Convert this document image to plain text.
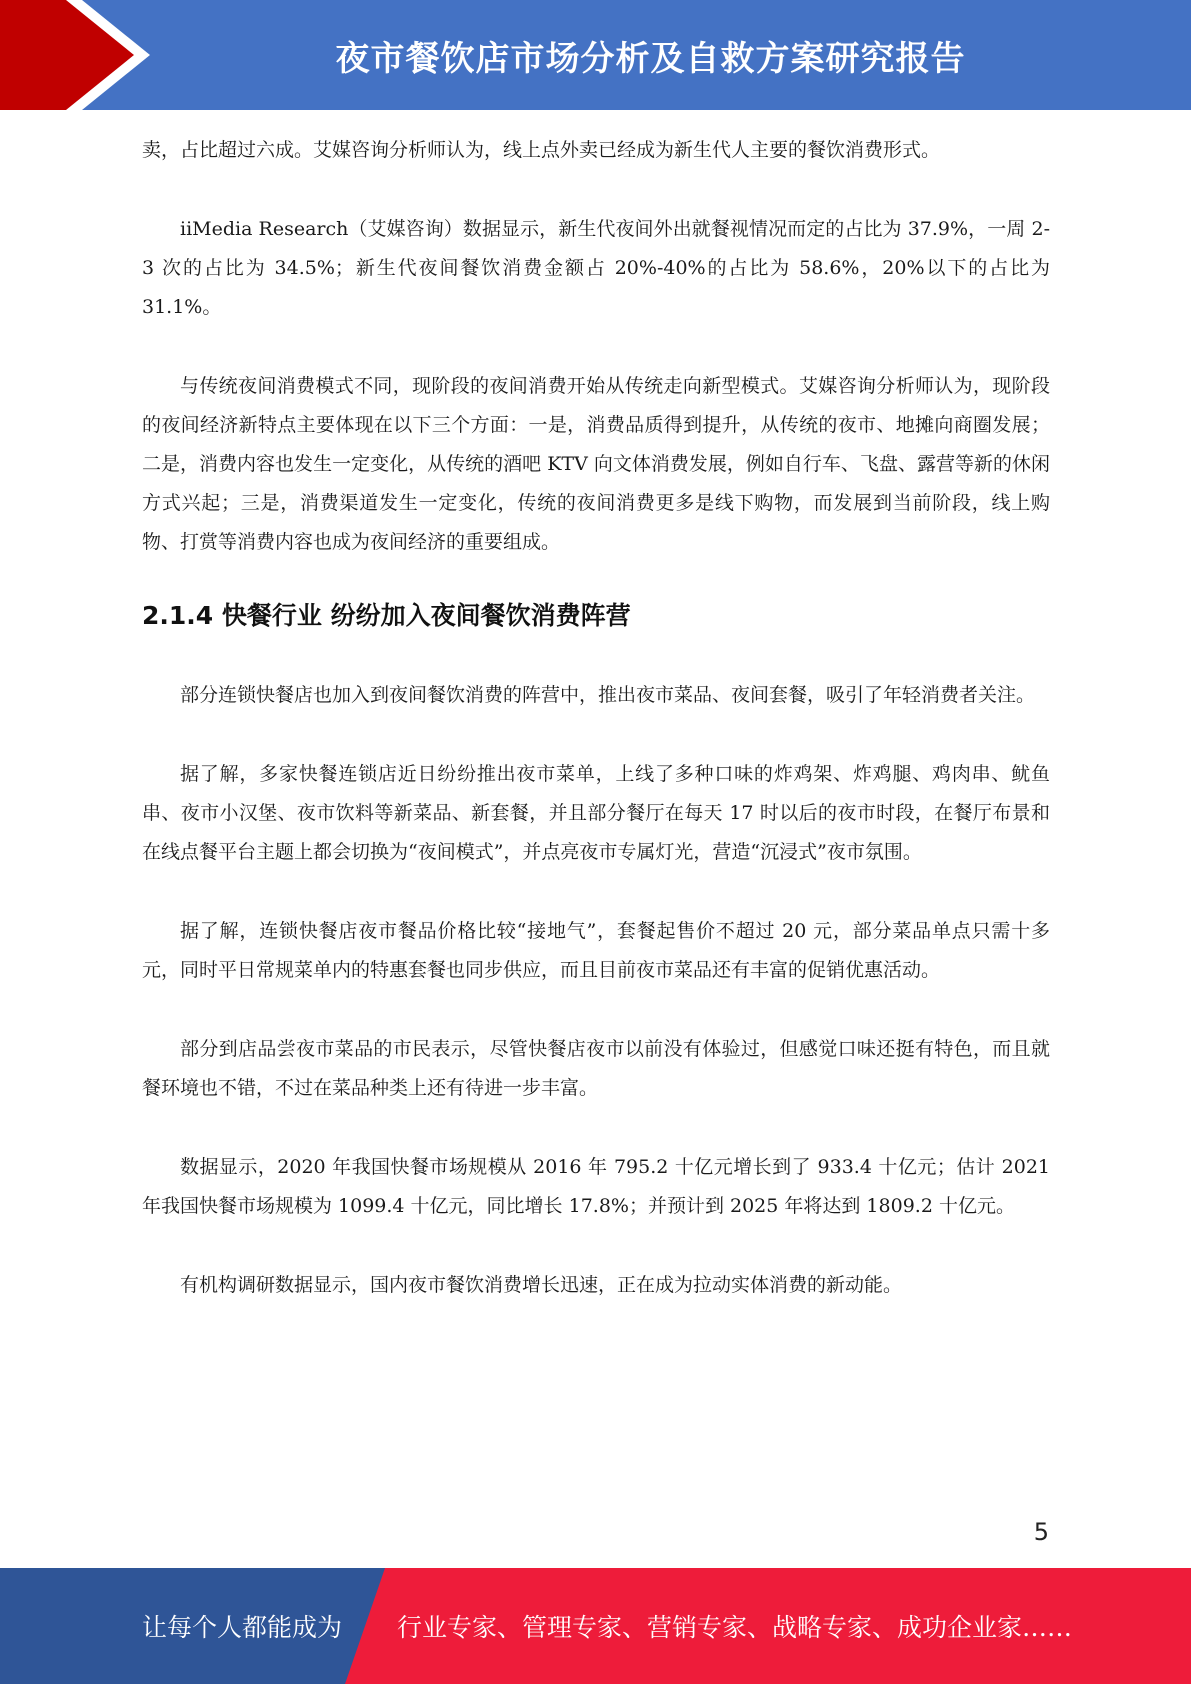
夜市餐饮店市场分析及自救方案研究报告

卖，占比超过六成。艾媒咨询分析师认为，线上点外卖已经成为新生代人主要的餐饮消费形式。

iiMedia Research（艾媒咨询）数据显示，新生代夜间外出就餐视情况而定的占比为 37.9%，一周 2-3 次的占比为 34.5%；新生代夜间餐饮消费金额占 20%-40%的占比为 58.6%，20%以下的占比为 31.1%。

与传统夜间消费模式不同，现阶段的夜间消费开始从传统走向新型模式。艾媒咨询分析师认为，现阶段的夜间经济新特点主要体现在以下三个方面：一是，消费品质得到提升，从传统的夜市、地摊向商圈发展；二是，消费内容也发生一定变化，从传统的酒吧 KTV 向文体消费发展，例如自行车、飞盘、露营等新的休闲方式兴起；三是，消费渠道发生一定变化，传统的夜间消费更多是线下购物，而发展到当前阶段，线上购物、打赏等消费内容也成为夜间经济的重要组成。

2.1.4 快餐行业 纷纷加入夜间餐饮消费阵营

部分连锁快餐店也加入到夜间餐饮消费的阵营中，推出夜市菜品、夜间套餐，吸引了年轻消费者关注。

据了解，多家快餐连锁店近日纷纷推出夜市菜单，上线了多种口味的炸鸡架、炸鸡腿、鸡肉串、鱿鱼串、夜市小汉堡、夜市饮料等新菜品、新套餐，并且部分餐厅在每天 17 时以后的夜市时段，在餐厅布景和在线点餐平台主题上都会切换为“夜间模式”，并点亮夜市专属灯光，营造“沉浸式”夜市氛围。

据了解，连锁快餐店夜市餐品价格比较“接地气”，套餐起售价不超过 20 元，部分菜品单点只需十多元，同时平日常规菜单内的特惠套餐也同步供应，而且目前夜市菜品还有丰富的促销优惠活动。

部分到店品尝夜市菜品的市民表示，尽管快餐店夜市以前没有体验过，但感觉口味还挺有特色，而且就餐环境也不错，不过在菜品种类上还有待进一步丰富。

数据显示，2020 年我国快餐市场规模从 2016 年 795.2 十亿元增长到了 933.4 十亿元；估计 2021 年我国快餐市场规模为 1099.4 十亿元，同比增长 17.8%；并预计到 2025 年将达到 1809.2 十亿元。

有机构调研数据显示，国内夜市餐饮消费增长迅速，正在成为拉动实体消费的新动能。

5
让每个人都能成为 行业专家、管理专家、营销专家、战略专家、成功企业家……
